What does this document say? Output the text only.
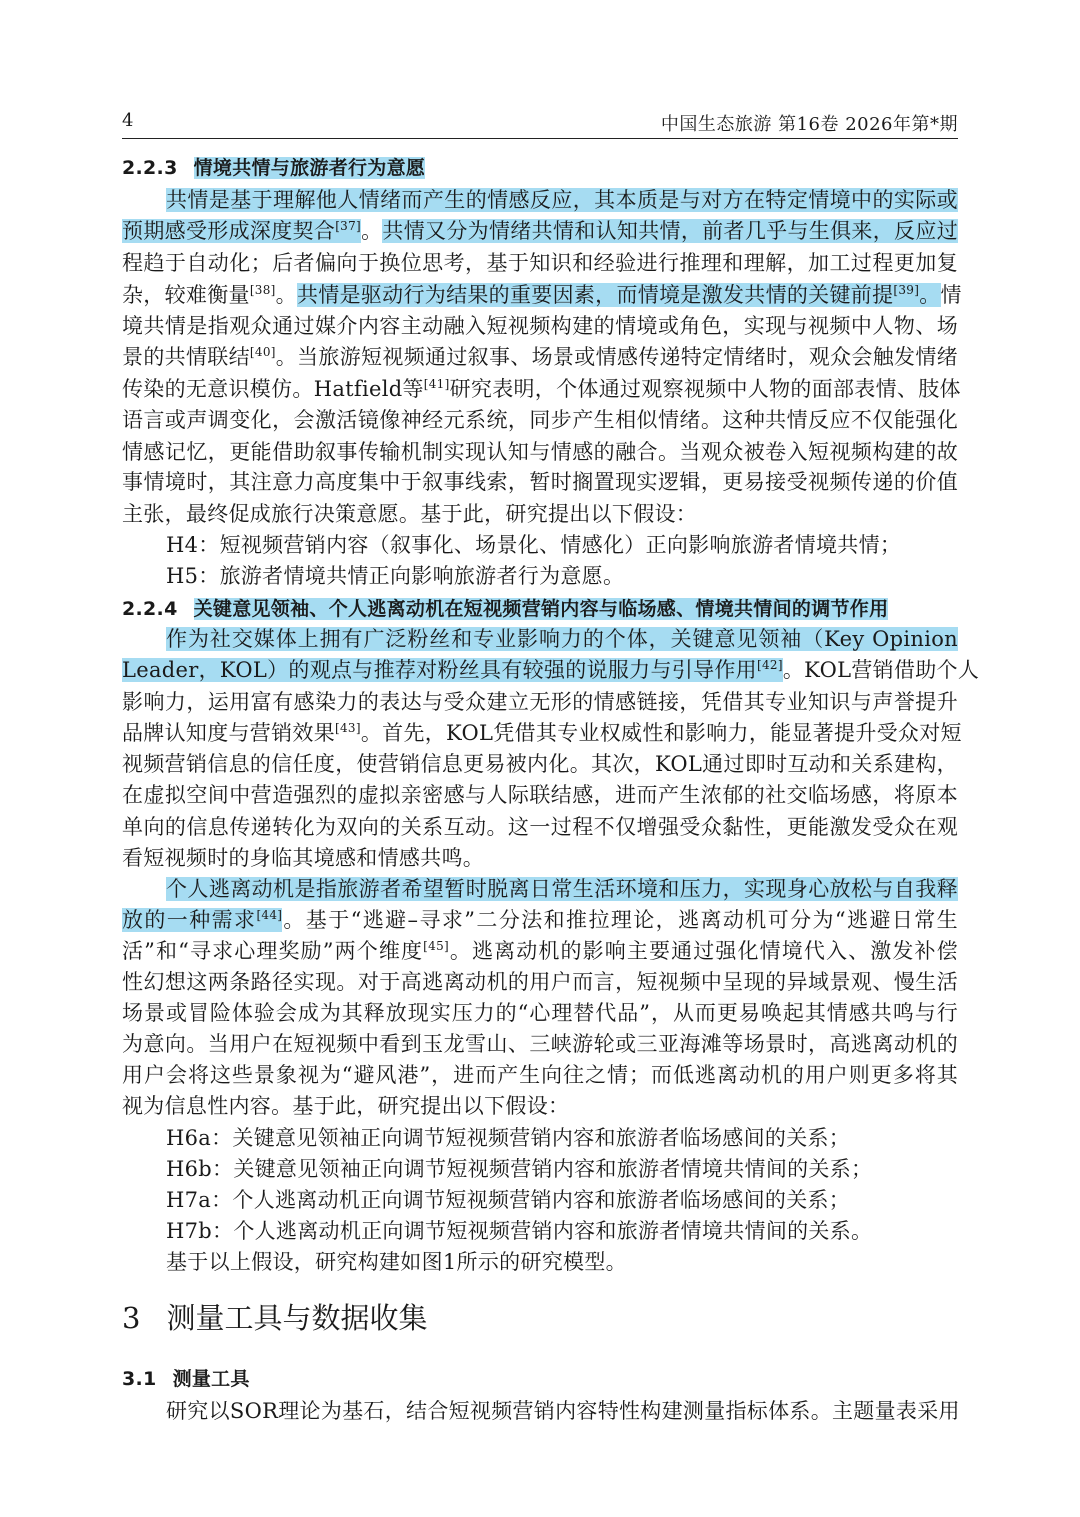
4	中国生态旅游 第16卷 2026年第*期
2.2.3 情境共情与旅游者行为意愿
共情是基于理解他人情绪而产生的情感反应，其本质是与对方在特定情境中的实际或
预期感受形成深度契合[37]。共情又分为情绪共情和认知共情，前者几乎与生俱来，反应过
程趋于自动化；后者偏向于换位思考，基于知识和经验进行推理和理解，加工过程更加复
杂，较难衡量[38]。共情是驱动行为结果的重要因素，而情境是激发共情的关键前提[39]。情
境共情是指观众通过媒介内容主动融入短视频构建的情境或角色，实现与视频中人物、场
景的共情联结[40]。当旅游短视频通过叙事、场景或情感传递特定情绪时，观众会触发情绪
传染的无意识模仿。Hatfield等[41]研究表明，个体通过观察视频中人物的面部表情、肢体
语言或声调变化，会激活镜像神经元系统，同步产生相似情绪。这种共情反应不仅能强化
情感记忆，更能借助叙事传输机制实现认知与情感的融合。当观众被卷入短视频构建的故
事情境时，其注意力高度集中于叙事线索，暂时搁置现实逻辑，更易接受视频传递的价值
主张，最终促成旅行决策意愿。基于此，研究提出以下假设：
H4：短视频营销内容（叙事化、场景化、情感化）正向影响旅游者情境共情；
H5：旅游者情境共情正向影响旅游者行为意愿。
2.2.4 关键意见领袖、个人逃离动机在短视频营销内容与临场感、情境共情间的调节作用
作为社交媒体上拥有广泛粉丝和专业影响力的个体，关键意见领袖（Key Opinion
Leader，KOL）的观点与推荐对粉丝具有较强的说服力与引导作用[42]。KOL营销借助个人
影响力，运用富有感染力的表达与受众建立无形的情感链接，凭借其专业知识与声誉提升
品牌认知度与营销效果[43]。首先，KOL凭借其专业权威性和影响力，能显著提升受众对短
视频营销信息的信任度，使营销信息更易被内化。其次，KOL通过即时互动和关系建构，
在虚拟空间中营造强烈的虚拟亲密感与人际联结感，进而产生浓郁的社交临场感，将原本
单向的信息传递转化为双向的关系互动。这一过程不仅增强受众黏性，更能激发受众在观
看短视频时的身临其境感和情感共鸣。
个人逃离动机是指旅游者希望暂时脱离日常生活环境和压力，实现身心放松与自我释
放的一种需求[44]。基于“逃避–寻求”二分法和推拉理论，逃离动机可分为“逃避日常生
活”和“寻求心理奖励”两个维度[45]。逃离动机的影响主要通过强化情境代入、激发补偿
性幻想这两条路径实现。对于高逃离动机的用户而言，短视频中呈现的异域景观、慢生活
场景或冒险体验会成为其释放现实压力的“心理替代品”，从而更易唤起其情感共鸣与行
为意向。当用户在短视频中看到玉龙雪山、三峡游轮或三亚海滩等场景时，高逃离动机的
用户会将这些景象视为“避风港”，进而产生向往之情；而低逃离动机的用户则更多将其
视为信息性内容。基于此，研究提出以下假设：
H6a：关键意见领袖正向调节短视频营销内容和旅游者临场感间的关系；
H6b：关键意见领袖正向调节短视频营销内容和旅游者情境共情间的关系；
H7a：个人逃离动机正向调节短视频营销内容和旅游者临场感间的关系；
H7b：个人逃离动机正向调节短视频营销内容和旅游者情境共情间的关系。
基于以上假设，研究构建如图1所示的研究模型。
3 测量工具与数据收集
3.1 测量工具
研究以SOR理论为基石，结合短视频营销内容特性构建测量指标体系。主题量表采用
